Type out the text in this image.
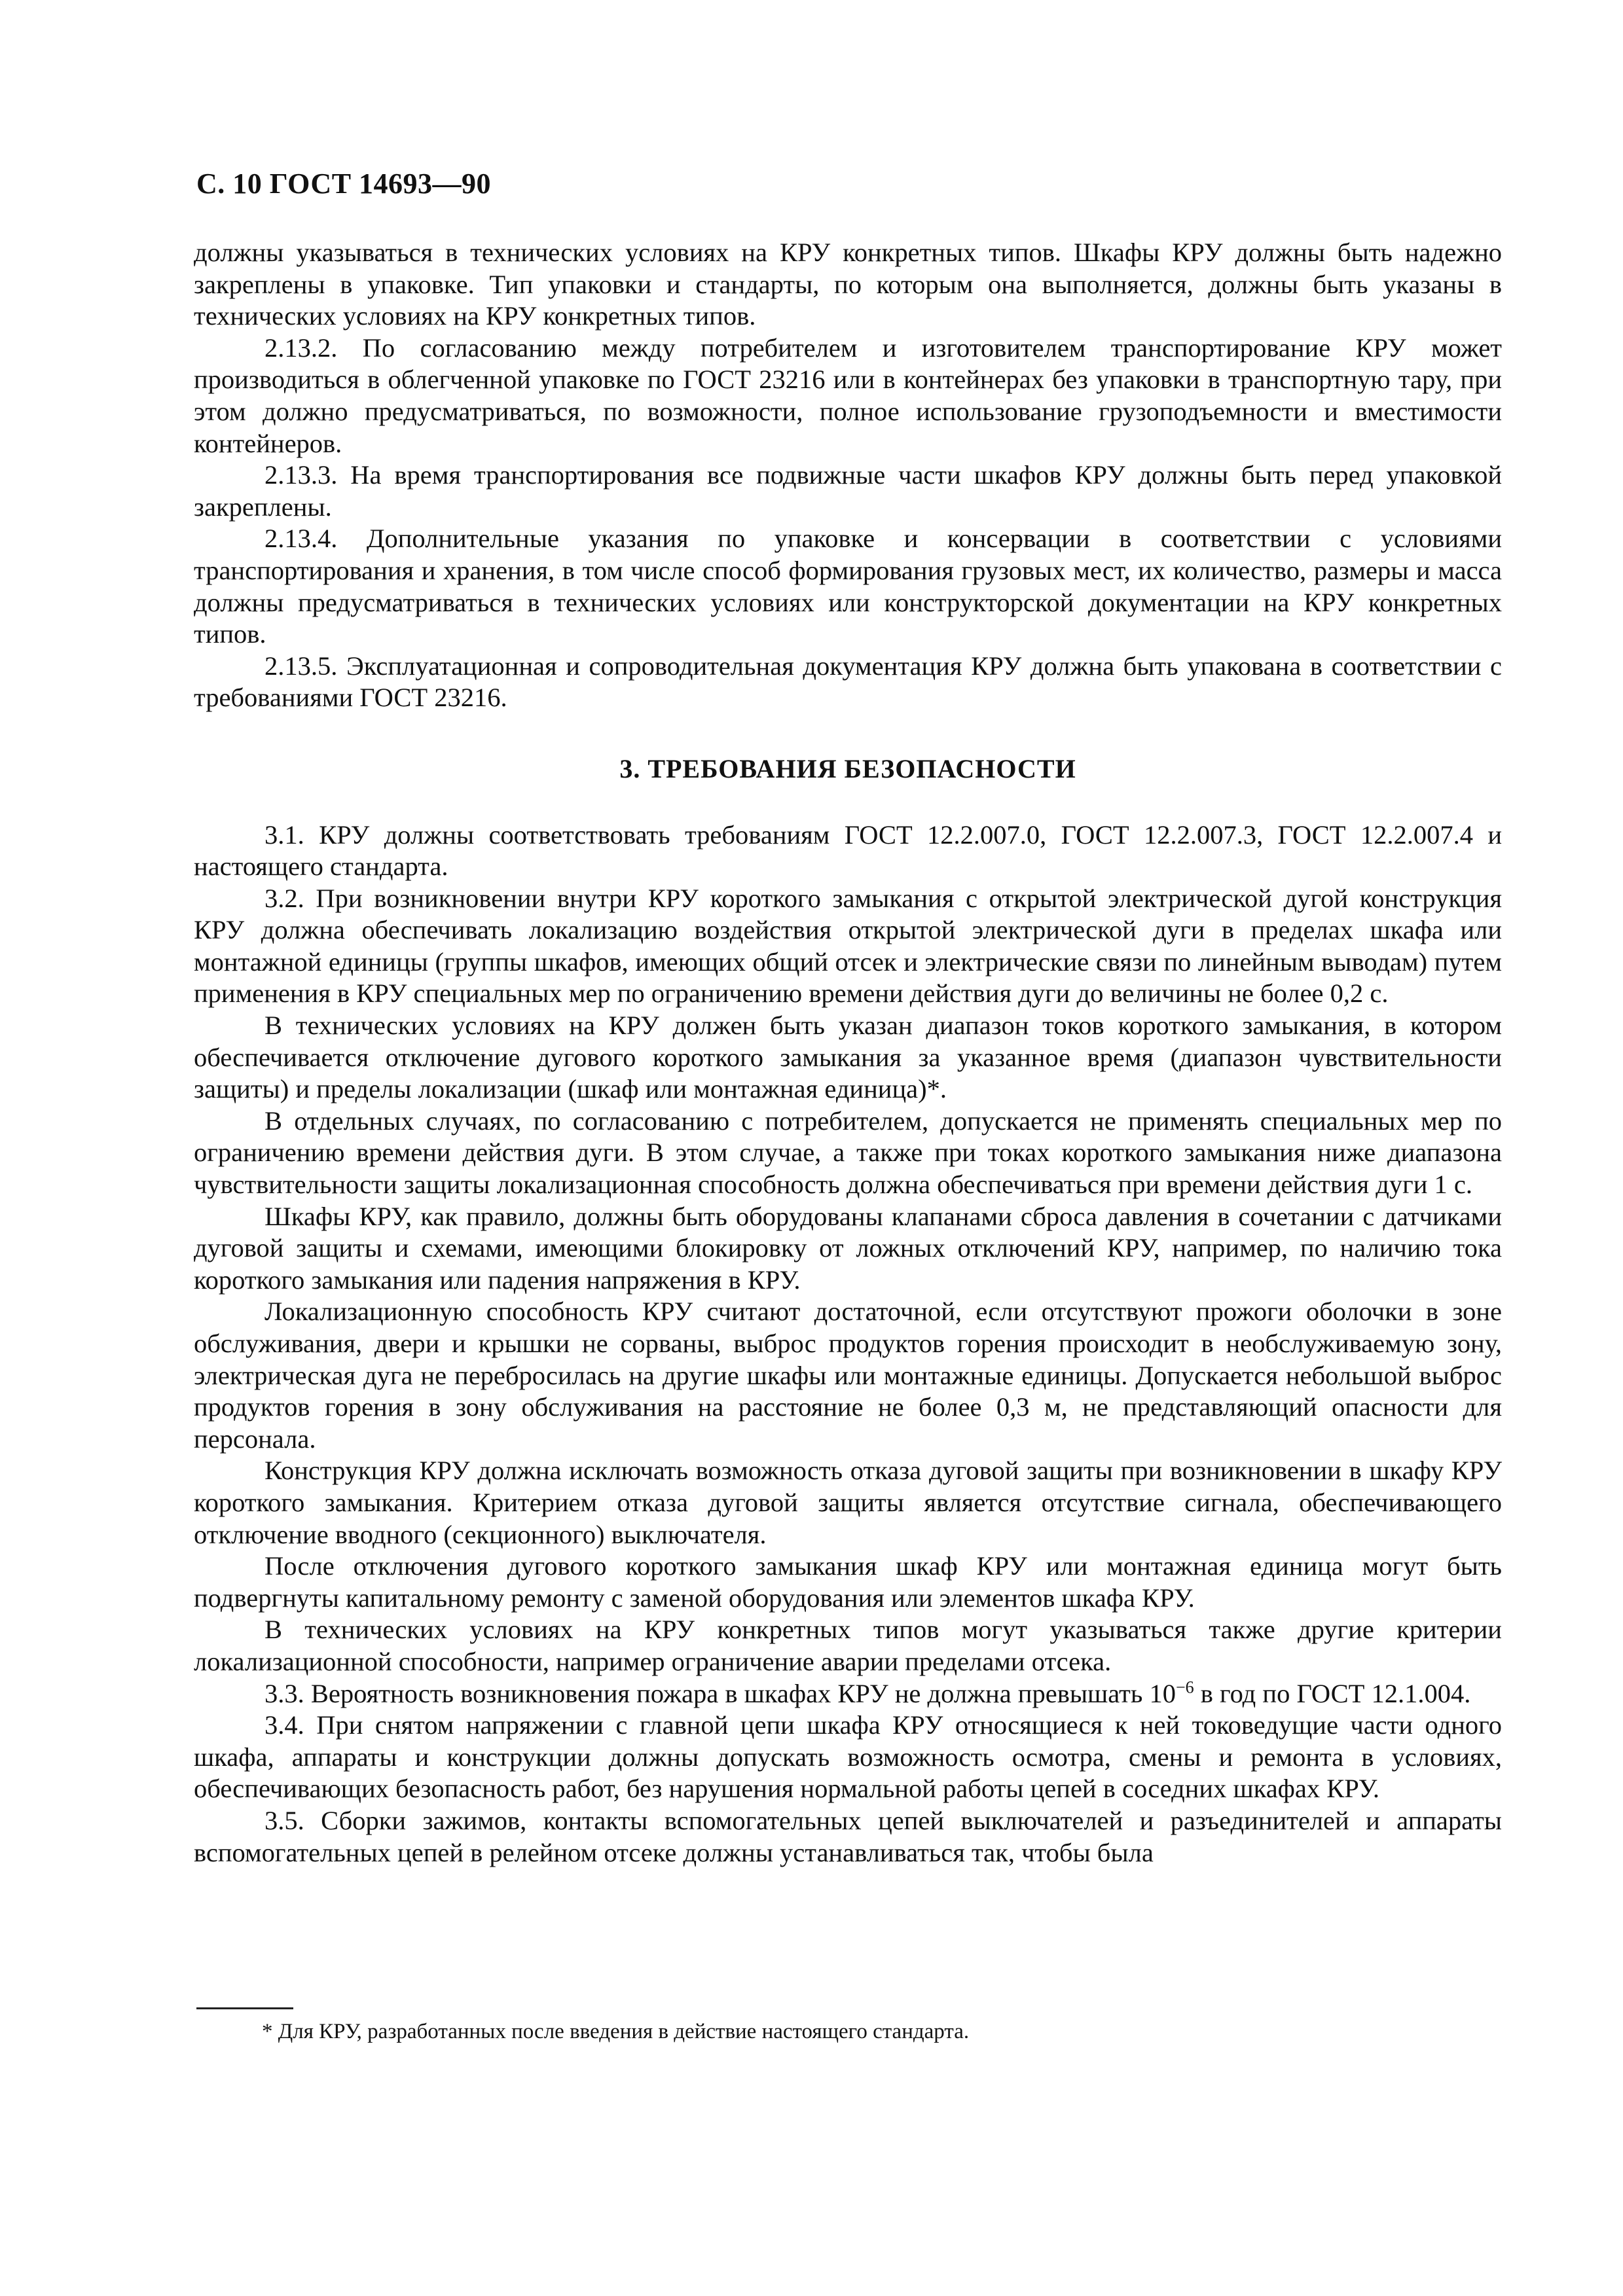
С. 10 ГОСТ 14693—90

должны указываться в технических условиях на КРУ конкретных типов. Шкафы КРУ должны быть надежно закреплены в упаковке. Тип упаковки и стандарты, по которым она выполняется, должны быть указаны в технических условиях на КРУ конкретных типов.

2.13.2. По согласованию между потребителем и изготовителем транспортирование КРУ может производиться в облегченной упаковке по ГОСТ 23216 или в контейнерах без упаковки в транспортную тару, при этом должно предусматриваться, по возможности, полное использование грузоподъемности и вместимости контейнеров.

2.13.3. На время транспортирования все подвижные части шкафов КРУ должны быть перед упаковкой закреплены.

2.13.4. Дополнительные указания по упаковке и консервации в соответствии с условиями транспортирования и хранения, в том числе способ формирования грузовых мест, их количество, размеры и масса должны предусматриваться в технических условиях или конструкторской документации на КРУ конкретных типов.

2.13.5. Эксплуатационная и сопроводительная документация КРУ должна быть упакована в соответствии с требованиями ГОСТ 23216.

3. ТРЕБОВАНИЯ БЕЗОПАСНОСТИ

3.1. КРУ должны соответствовать требованиям ГОСТ 12.2.007.0, ГОСТ 12.2.007.3, ГОСТ 12.2.007.4 и настоящего стандарта.

3.2. При возникновении внутри КРУ короткого замыкания с открытой электрической дугой конструкция КРУ должна обеспечивать локализацию воздействия открытой электрической дуги в пределах шкафа или монтажной единицы (группы шкафов, имеющих общий отсек и электрические связи по линейным выводам) путем применения в КРУ специальных мер по ограничению времени действия дуги до величины не более 0,2 с.

В технических условиях на КРУ должен быть указан диапазон токов короткого замыкания, в котором обеспечивается отключение дугового короткого замыкания за указанное время (диапазон чувствительности защиты) и пределы локализации (шкаф или монтажная единица)*.

В отдельных случаях, по согласованию с потребителем, допускается не применять специальных мер по ограничению времени действия дуги. В этом случае, а также при токах короткого замыкания ниже диапазона чувствительности защиты локализационная способность должна обеспечиваться при времени действия дуги 1 с.

Шкафы КРУ, как правило, должны быть оборудованы клапанами сброса давления в сочетании с датчиками дуговой защиты и схемами, имеющими блокировку от ложных отключений КРУ, например, по наличию тока короткого замыкания или падения напряжения в КРУ.

Локализационную способность КРУ считают достаточной, если отсутствуют прожоги оболочки в зоне обслуживания, двери и крышки не сорваны, выброс продуктов горения происходит в необслуживаемую зону, электрическая дуга не перебросилась на другие шкафы или монтажные единицы. Допускается небольшой выброс продуктов горения в зону обслуживания на расстояние не более 0,3 м, не представляющий опасности для персонала.

Конструкция КРУ должна исключать возможность отказа дуговой защиты при возникновении в шкафу КРУ короткого замыкания. Критерием отказа дуговой защиты является отсутствие сигнала, обеспечивающего отключение вводного (секционного) выключателя.

После отключения дугового короткого замыкания шкаф КРУ или монтажная единица могут быть подвергнуты капитальному ремонту с заменой оборудования или элементов шкафа КРУ.

В технических условиях на КРУ конкретных типов могут указываться также другие критерии локализационной способности, например ограничение аварии пределами отсека.

3.3. Вероятность возникновения пожара в шкафах КРУ не должна превышать $10^{-6}$ в год по ГОСТ 12.1.004.

3.4. При снятом напряжении с главной цепи шкафа КРУ относящиеся к ней токоведущие части одного шкафа, аппараты и конструкции должны допускать возможность осмотра, смены и ремонта в условиях, обеспечивающих безопасность работ, без нарушения нормальной работы цепей в соседних шкафах КРУ.

3.5. Сборки зажимов, контакты вспомогательных цепей выключателей и разъединителей и аппараты вспомогательных цепей в релейном отсеке должны устанавливаться так, чтобы была

* Для КРУ, разработанных после введения в действие настоящего стандарта.
